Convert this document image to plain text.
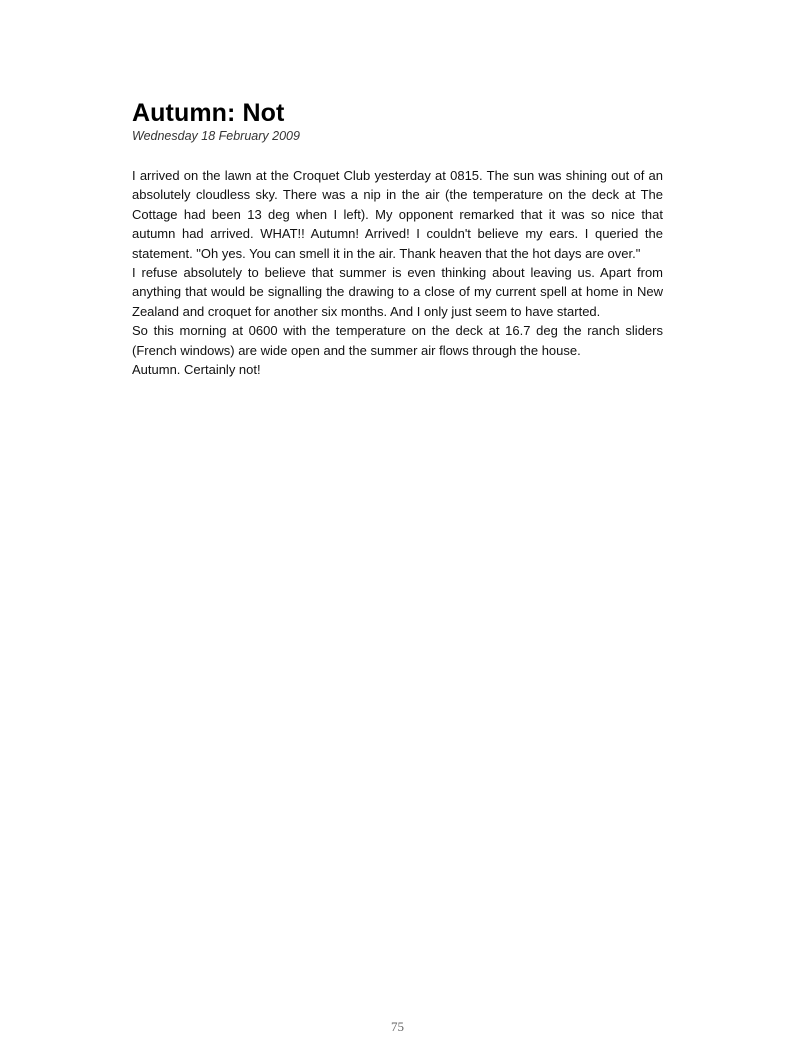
Autumn: Not

Wednesday 18 February 2009

I arrived on the lawn at the Croquet Club yesterday at 0815. The sun was shining out of an absolutely cloudless sky. There was a nip in the air (the temperature on the deck at The Cottage had been 13 deg when I left). My opponent remarked that it was so nice that autumn had arrived. WHAT!! Autumn! Arrived! I couldn't believe my ears. I queried the statement. "Oh yes. You can smell it in the air. Thank heaven that the hot days are over."

I refuse absolutely to believe that summer is even thinking about leaving us. Apart from anything that would be signalling the drawing to a close of my current spell at home in New Zealand and croquet for another six months. And I only just seem to have started.

So this morning at 0600 with the temperature on the deck at 16.7 deg the ranch sliders (French windows) are wide open and the summer air flows through the house.

Autumn. Certainly not!

75
